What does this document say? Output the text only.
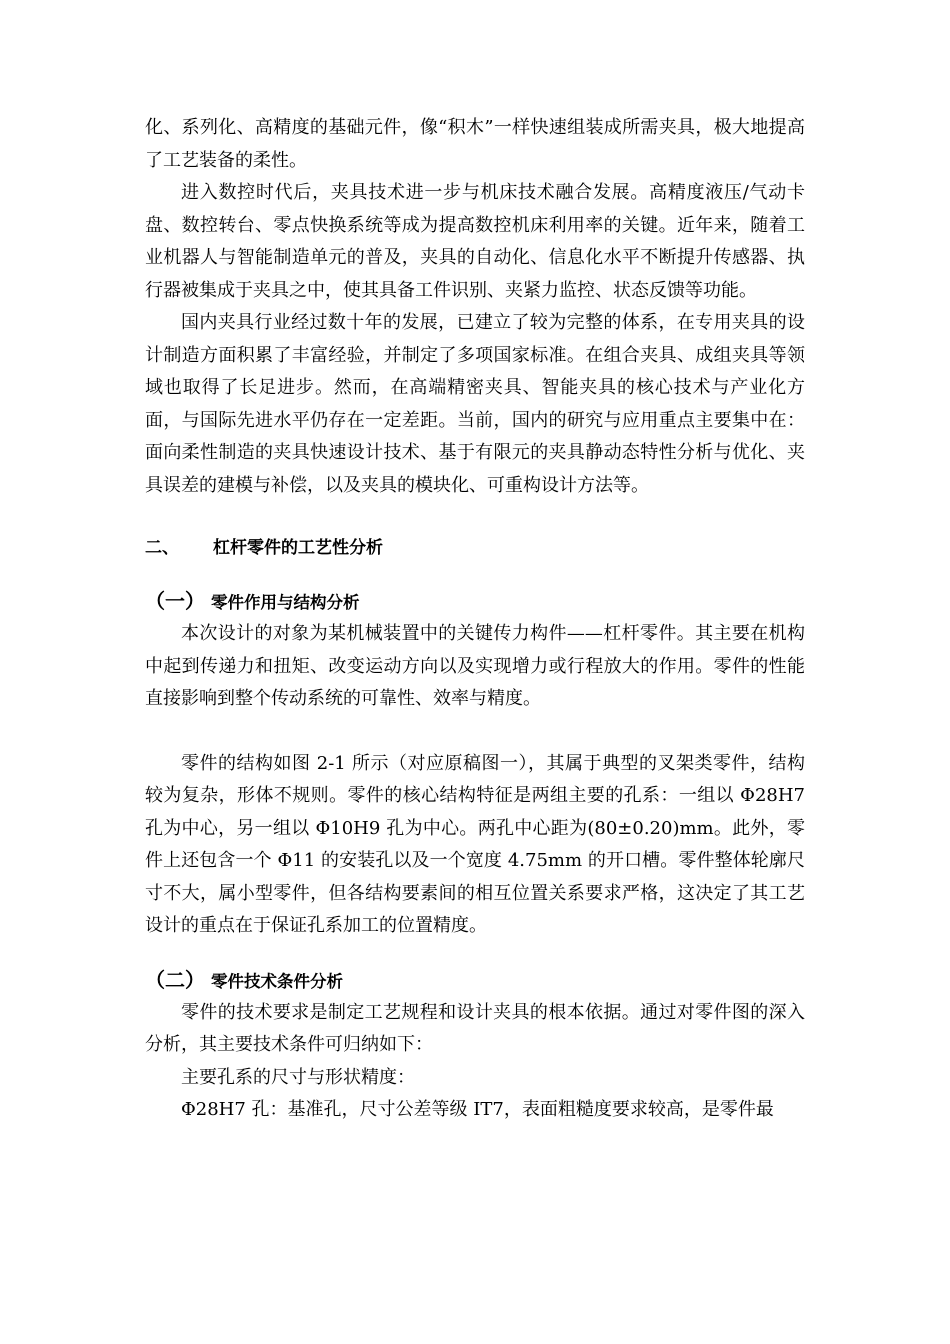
化、系列化、高精度的基础元件，像“积木”一样快速组装成所需夹具，极大地提高了工艺装备的柔性。

进入数控时代后，夹具技术进一步与机床技术融合发展。高精度液压/气动卡盘、数控转台、零点快换系统等成为提高数控机床利用率的关键。近年来，随着工业机器人与智能制造单元的普及，夹具的自动化、信息化水平不断提升传感器、执行器被集成于夹具之中，使其具备工件识别、夹紧力监控、状态反馈等功能。

国内夹具行业经过数十年的发展，已建立了较为完整的体系，在专用夹具的设计制造方面积累了丰富经验，并制定了多项国家标准。在组合夹具、成组夹具等领域也取得了长足进步。然而，在高端精密夹具、智能夹具的核心技术与产业化方面，与国际先进水平仍存在一定差距。当前，国内的研究与应用重点主要集中在：面向柔性制造的夹具快速设计技术、基于有限元的夹具静动态特性分析与优化、夹具误差的建模与补偿，以及夹具的模块化、可重构设计方法等。

二、 杠杆零件的工艺性分析
（一） 零件作用与结构分析

本次设计的对象为某机械装置中的关键传力构件——杠杆零件。其主要在机构中起到传递力和扭矩、改变运动方向以及实现增力或行程放大的作用。零件的性能直接影响到整个传动系统的可靠性、效率与精度。

零件的结构如图 2-1 所示（对应原稿图一），其属于典型的叉架类零件，结构较为复杂，形体不规则。零件的核心结构特征是两组主要的孔系：一组以 Φ28H7 孔为中心，另一组以 Φ10H9 孔为中心。两孔中心距为(80±0.20)mm。此外，零件上还包含一个 Φ11 的安装孔以及一个宽度 4.75mm 的开口槽。零件整体轮廓尺寸不大，属小型零件，但各结构要素间的相互位置关系要求严格，这决定了其工艺设计的重点在于保证孔系加工的位置精度。

（二） 零件技术条件分析

零件的技术要求是制定工艺规程和设计夹具的根本依据。通过对零件图的深入分析，其主要技术条件可归纳如下：

主要孔系的尺寸与形状精度：

Φ28H7 孔：基准孔，尺寸公差等级 IT7，表面粗糙度要求较高，是零件最
